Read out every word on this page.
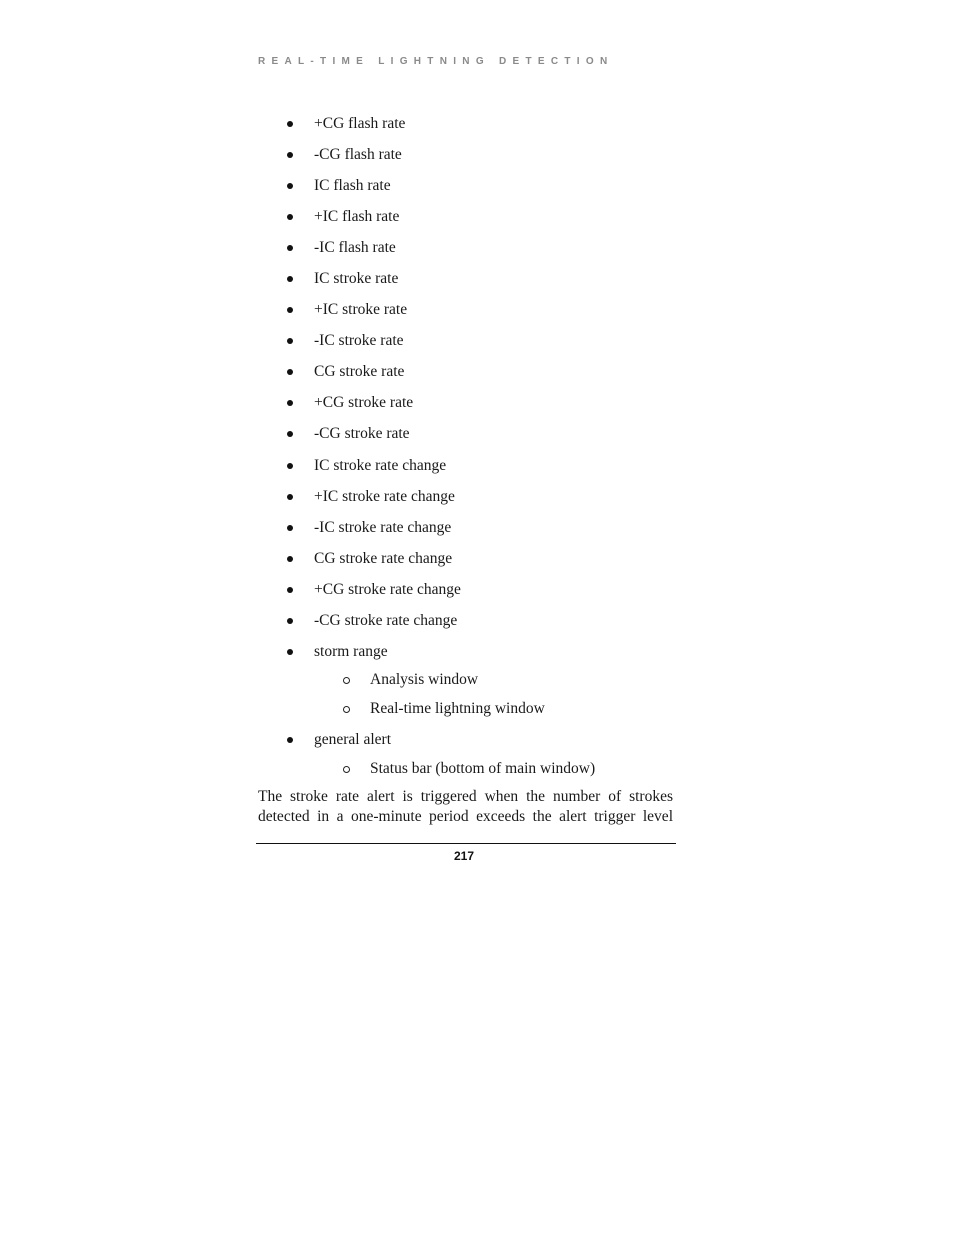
REAL-TIME LIGHTNING DETECTION
+CG flash rate
-CG flash rate
IC flash rate
+IC flash rate
-IC flash rate
IC stroke rate
+IC stroke rate
-IC stroke rate
CG stroke rate
+CG stroke rate
-CG stroke rate
IC stroke rate change
+IC stroke rate change
-IC stroke rate change
CG stroke rate change
+CG stroke rate change
-CG stroke rate change
storm range
Analysis window
Real-time lightning window
general alert
Status bar (bottom of main window)
The stroke rate alert is triggered when the number of strokes
detected in a one-minute period exceeds the alert trigger level
217
